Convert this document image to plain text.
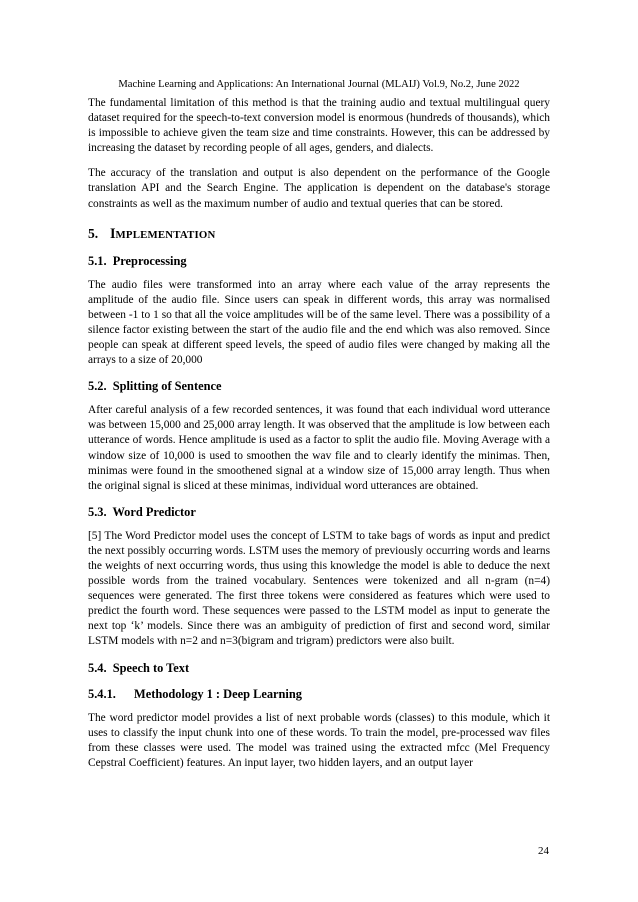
Machine Learning and Applications: An International Journal (MLAIJ) Vol.9, No.2, June 2022

The fundamental limitation of this method is that the training audio and textual multilingual query dataset required for the speech-to-text conversion model is enormous (hundreds of thousands), which is impossible to achieve given the team size and time constraints. However, this can be addressed by increasing the dataset by recording people of all ages, genders, and dialects.

The accuracy of the translation and output is also dependent on the performance of the Google translation API and the Search Engine. The application is dependent on the database's storage constraints as well as the maximum number of audio and textual queries that can be stored.

5. IMPLEMENTATION
5.1. Preprocessing

The audio files were transformed into an array where each value of the array represents the amplitude of the audio file. Since users can speak in different words, this array was normalised between -1 to 1 so that all the voice amplitudes will be of the same level. There was a possibility of a silence factor existing between the start of the audio file and the end which was also removed. Since people can speak at different speed levels, the speed of audio files were changed by making all the arrays to a size of 20,000

5.2. Splitting of Sentence

After careful analysis of a few recorded sentences, it was found that each individual word utterance was between 15,000 and 25,000 array length. It was observed that the amplitude is low between each utterance of words. Hence amplitude is used as a factor to split the audio file. Moving Average with a window size of 10,000 is used to smoothen the wav file and to clearly identify the minimas. Then, minimas were found in the smoothened signal at a window size of 15,000 array length. Thus when the original signal is sliced at these minimas, individual word utterances are obtained.

5.3. Word Predictor

[5] The Word Predictor model uses the concept of LSTM to take bags of words as input and predict the next possibly occurring words. LSTM uses the memory of previously occurring words and learns the weights of next occurring words, thus using this knowledge the model is able to deduce the next possible words from the trained vocabulary. Sentences were tokenized and all n-gram (n=4) sequences were generated. The first three tokens were considered as features which were used to predict the fourth word. These sequences were passed to the LSTM model as input to generate the next top ‘k’ models. Since there was an ambiguity of prediction of first and second word, similar LSTM models with n=2 and n=3(bigram and trigram) predictors were also built.

5.4. Speech to Text
5.4.1. Methodology 1 : Deep Learning

The word predictor model provides a list of next probable words (classes) to this module, which it uses to classify the input chunk into one of these words. To train the model, pre-processed wav files from these classes were used. The model was trained using the extracted mfcc (Mel Frequency Cepstral Coefficient) features. An input layer, two hidden layers, and an output layer

24
